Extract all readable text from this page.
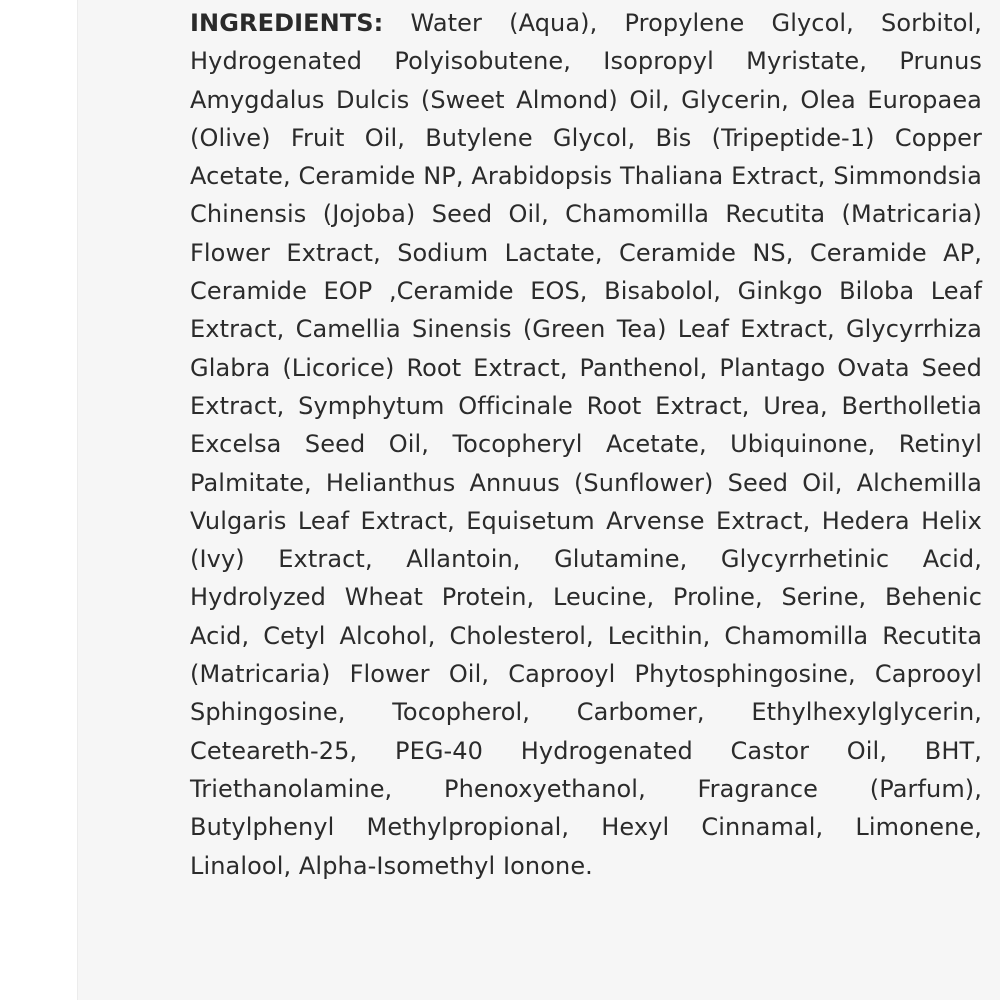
INGREDIENTS: Water (Aqua), Propylene Glycol, Sorbitol, Hydrogenated Polyisobutene, Isopropyl Myristate, Prunus Amygdalus Dulcis (Sweet Almond) Oil, Glycerin, Olea Europaea (Olive) Fruit Oil, Butylene Glycol, Bis (Tripeptide-1) Copper Acetate, Ceramide NP, Arabidopsis Thaliana Extract, Simmondsia Chinensis (Jojoba) Seed Oil, Chamomilla Recutita (Matricaria) Flower Extract, Sodium Lactate, Ceramide NS, Ceramide AP, Ceramide EOP ,Ceramide EOS, Bisabolol, Ginkgo Biloba Leaf Extract, Camellia Sinensis (Green Tea) Leaf Extract, Glycyrrhiza Glabra (Licorice) Root Extract, Panthenol, Plantago Ovata Seed Extract, Symphytum Officinale Root Extract, Urea, Bertholletia Excelsa Seed Oil, Tocopheryl Acetate, Ubiquinone, Retinyl Palmitate, Helianthus Annuus (Sunflower) Seed Oil, Alchemilla Vulgaris Leaf Extract, Equisetum Arvense Extract, Hedera Helix (Ivy) Extract, Allantoin, Glutamine, Glycyrrhetinic Acid, Hydrolyzed Wheat Protein, Leucine, Proline, Serine, Behenic Acid, Cetyl Alcohol, Cholesterol, Lecithin, Chamomilla Recutita (Matricaria) Flower Oil, Caprooyl Phytosphingosine, Caprooyl Sphingosine, Tocopherol, Carbomer, Ethylhexylglycerin, Ceteareth-25, PEG-40 Hydrogenated Castor Oil, BHT, Triethanolamine, Phenoxyethanol, Fragrance (Parfum), Butylphenyl Methylpropional, Hexyl Cinnamal, Limonene, Linalool, Alpha-Isomethyl Ionone.
